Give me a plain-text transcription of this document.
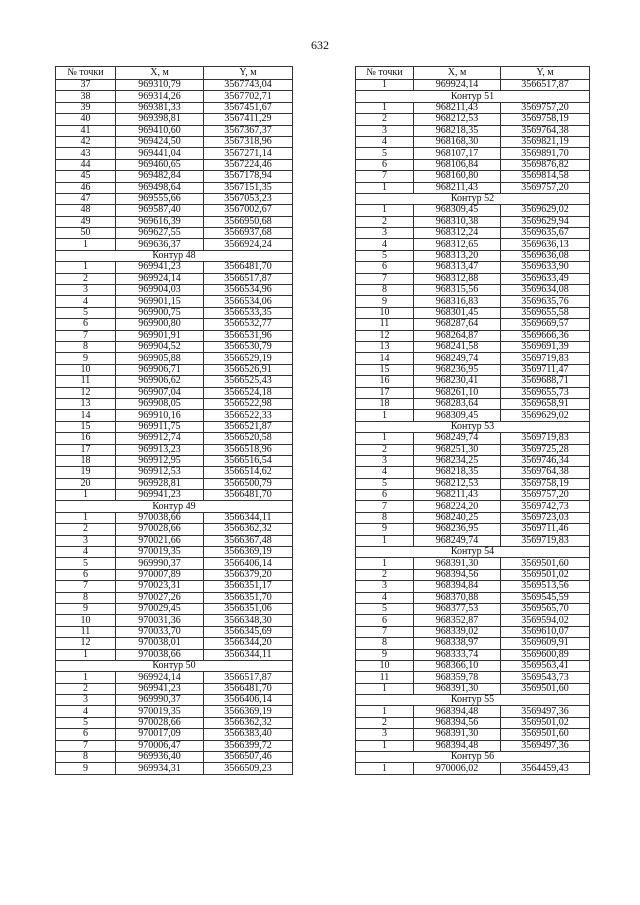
632
№ точки	X, м	Y, м
37	969310,79	3567743,04
38	969314,26	3567702,71
39	969381,33	3567451,67
40	969398,81	3567411,29
41	969410,60	3567367,37
42	969424,50	3567318,96
43	969441,04	3567271,14
44	969460,65	3567224,46
45	969482,84	3567178,94
46	969498,64	3567151,35
47	969555,66	3567053,23
48	969587,40	3567002,67
49	969616,39	3566950,68
50	969627,55	3566937,68
1	969636,37	3566924,24
Контур 48		
1	969941,23	3566481,70
2	969924,14	3566517,87
3	969904,03	3566534,96
4	969901,15	3566534,06
5	969900,75	3566533,35
6	969900,80	3566532,77
7	969901,91	3566531,96
8	969904,52	3566530,79
9	969905,88	3566529,19
10	969906,71	3566526,91
11	969906,62	3566525,43
12	969907,04	3566524,18
13	969908,05	3566522,98
14	969910,16	3566522,33
15	969911,75	3566521,87
16	969912,74	3566520,58
17	969913,23	3566518,96
18	969912,95	3566516,54
19	969912,53	3566514,62
20	969928,81	3566500,79
1	969941,23	3566481,70
Контур 49		
1	970038,66	3566344,11
2	970028,66	3566362,32
3	970021,66	3566367,48
4	970019,35	3566369,19
5	969990,37	3566406,14
6	970007,89	3566379,20
7	970023,31	3566351,17
8	970027,26	3566351,70
9	970029,45	3566351,06
10	970031,36	3566348,30
11	970033,70	3566345,69
12	970038,01	3566344,20
1	970038,66	3566344,11
Контур 50		
1	969924,14	3566517,87
2	969941,23	3566481,70
3	969990,37	3566406,14
4	970019,35	3566369,19
5	970028,66	3566362,32
6	970017,09	3566383,40
7	970006,47	3566399,72
8	969936,40	3566507,46
9	969934,31	3566509,23
№ точки	X, м	Y, м
1	969924,14	3566517,87
Контур 51		
1	968211,43	3569757,20
2	968212,53	3569758,19
3	968218,35	3569764,38
4	968168,30	3569821,19
5	968107,17	3569891,70
6	968106,84	3569876,82
7	968160,80	3569814,58
1	968211,43	3569757,20
Контур 52		
1	968309,45	3569629,02
2	968310,38	3569629,94
3	968312,24	3569635,67
4	968312,65	3569636,13
5	968313,20	3569636,08
6	968313,47	3569633,90
7	968312,88	3569633,49
8	968315,56	3569634,08
9	968316,83	3569635,76
10	968301,45	3569655,58
11	968287,64	3569669,57
12	968264,87	3569666,36
13	968241,58	3569691,39
14	968249,74	3569719,83
15	968236,95	3569711,47
16	968230,41	3569688,71
17	968261,10	3569655,73
18	968283,64	3569658,91
1	968309,45	3569629,02
Контур 53		
1	968249,74	3569719,83
2	968251,30	3569725,28
3	968234,25	3569746,34
4	968218,35	3569764,38
5	968212,53	3569758,19
6	968211,43	3569757,20
7	968224,20	3569742,73
8	968240,25	3569723,03
9	968236,95	3569711,46
1	968249,74	3569719,83
Контур 54		
1	968391,30	3569501,60
2	968394,56	3569501,02
3	968394,84	3569513,56
4	968370,88	3569545,59
5	968377,53	3569565,70
6	968352,87	3569594,02
7	968339,02	3569610,07
8	968338,97	3569609,91
9	968333,74	3569600,89
10	968366,10	3569563,41
11	968359,78	3569543,73
1	968391,30	3569501,60
Контур 55		
1	968394,48	3569497,36
2	968394,56	3569501,02
3	968391,30	3569501,60
1	968394,48	3569497,36
Контур 56		
1	970006,02	3564459,43
